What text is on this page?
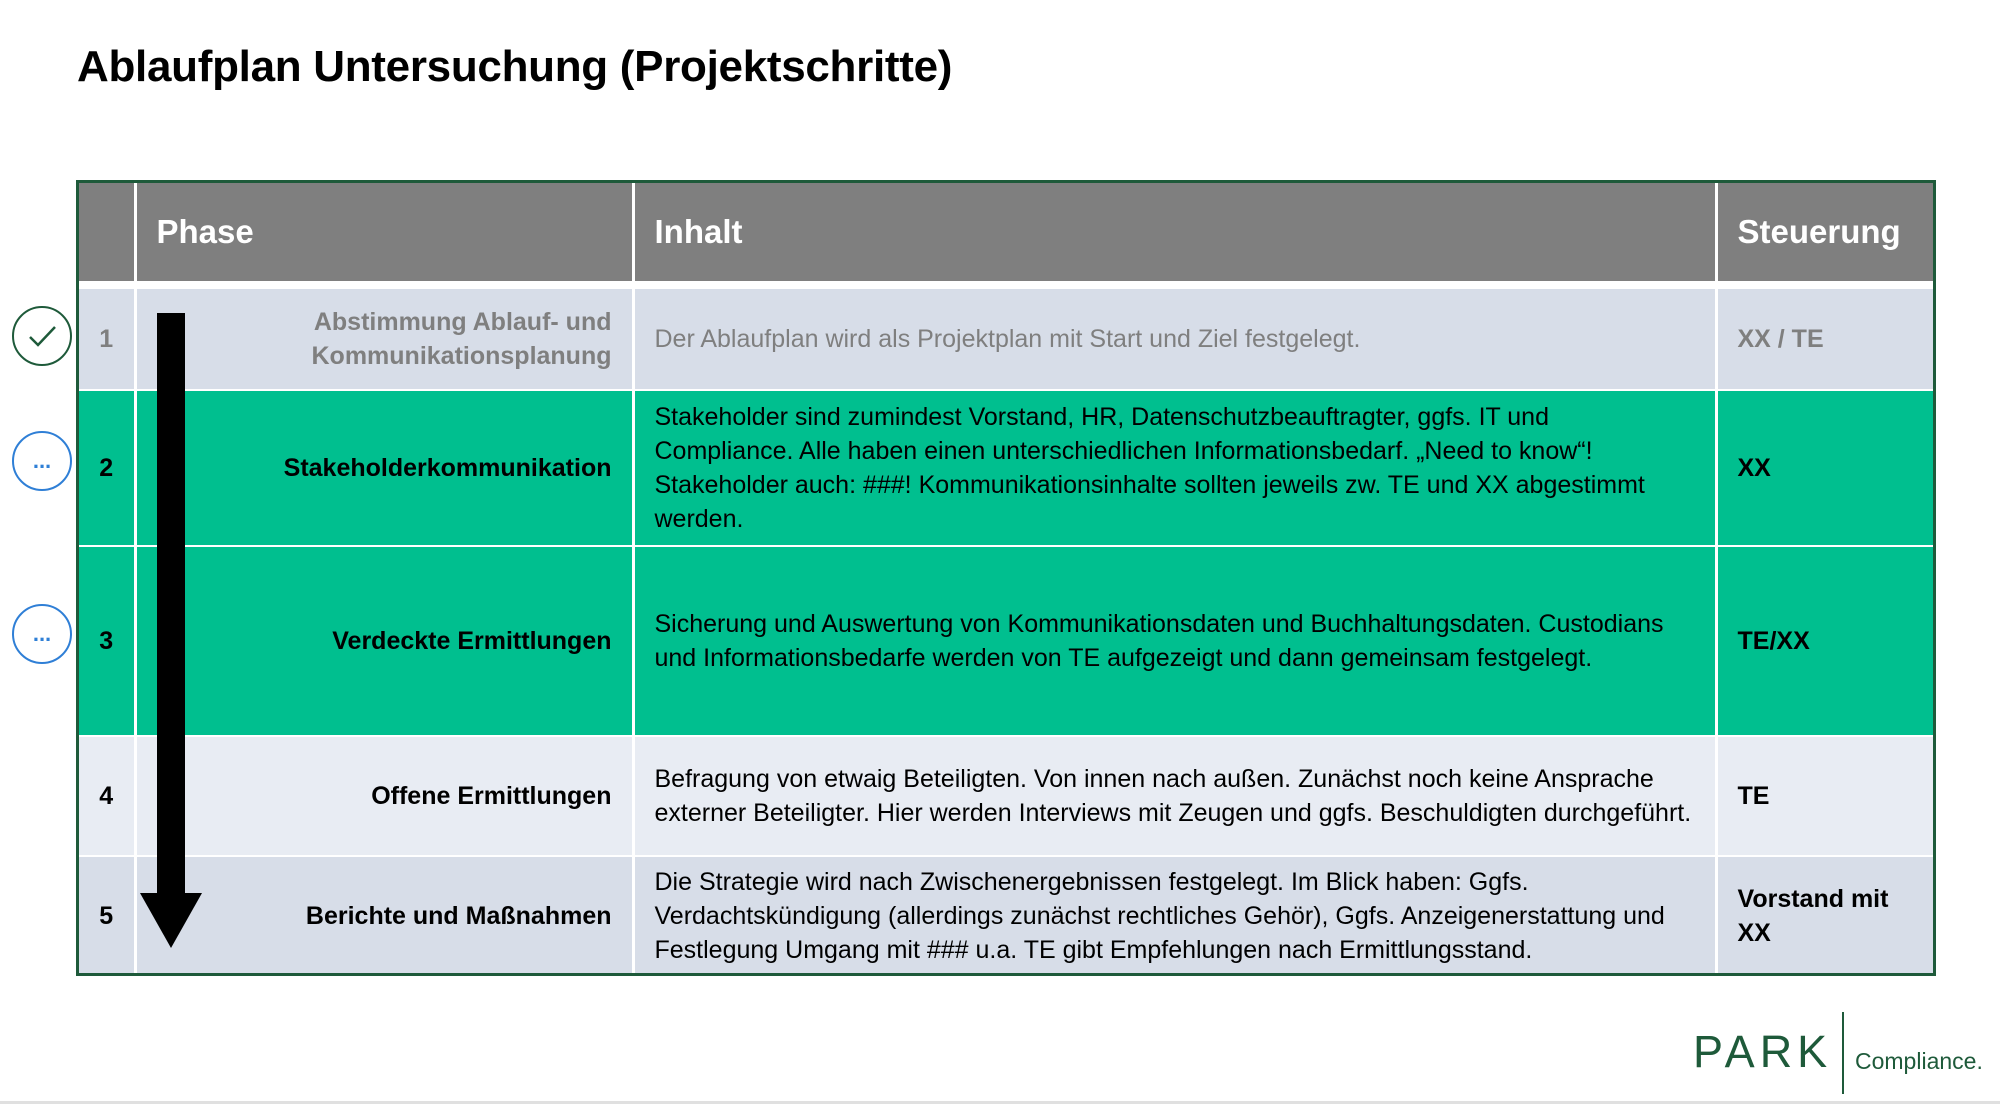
Ablaufplan Untersuchung (Projektschritte)
...
...
	Phase	Inhalt	Steuerung
1	Abstimmung Ablauf- und Kommunikationsplanung	Der Ablaufplan wird als Projektplan mit Start und Ziel festgelegt.	XX / TE
2	Stakeholderkommunikation	Stakeholder sind zumindest Vorstand, HR, Datenschutzbeauftragter, ggfs. IT und Compliance. Alle haben einen unterschiedlichen Informationsbedarf. „Need to know“! Stakeholder auch: ###! Kommunikationsinhalte sollten jeweils zw. TE und XX abgestimmt werden.	XX
3	Verdeckte Ermittlungen	Sicherung und Auswertung von Kommunikationsdaten und Buchhaltungsdaten. Custodians und Informationsbedarfe werden von TE aufgezeigt und dann gemeinsam festgelegt.	TE/XX
4	Offene Ermittlungen	Befragung von etwaig Beteiligten. Von innen nach außen. Zunächst noch keine Ansprache externer Beteiligter. Hier werden Interviews mit Zeugen und ggfs. Beschuldigten durchgeführt.	TE
5	Berichte und Maßnahmen	Die Strategie wird nach Zwischenergebnissen festgelegt. Im Blick haben: Ggfs. Verdachtskündigung (allerdings zunächst rechtliches Gehör), Ggfs. Anzeigenerstattung und Festlegung Umgang mit ### u.a. TE gibt Empfehlungen nach Ermittlungsstand.	Vorstand mit XX
PARK Compliance.
